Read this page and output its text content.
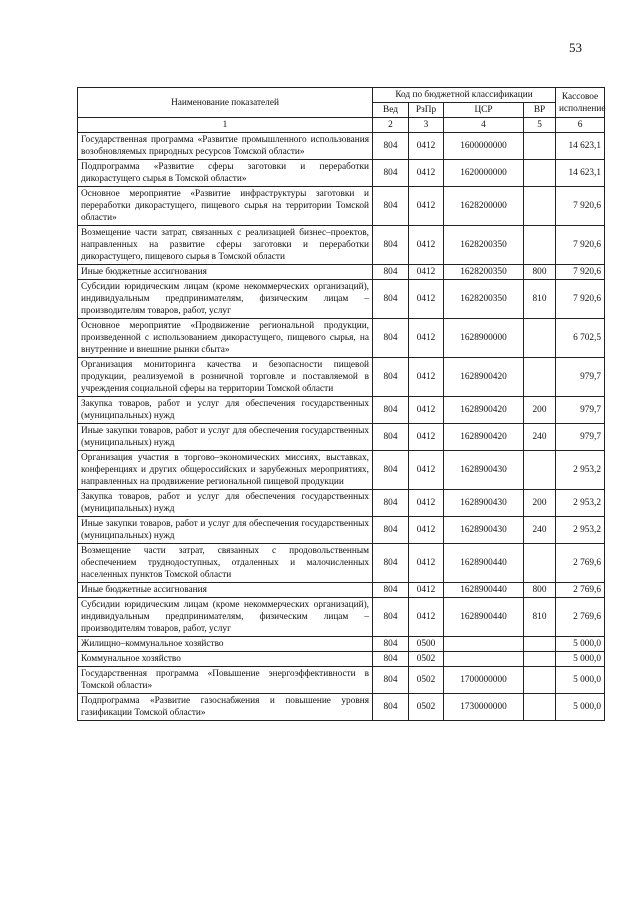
53
Наименование показателей	Код по бюджетной классификации				Кассовое исполнение
	Вед	РзПр	ЦСР	ВР	
1	2	3	4	5	6
Государственная программа «Развитие промышленного использования возобновляемых природных ресурсов Томской области»	804	0412	1600000000		14 623,1
Подпрограмма «Развитие сферы заготовки и переработки дикорастущего сырья в Томской области»	804	0412	1620000000		14 623,1
Основное мероприятие «Развитие инфраструктуры заготовки и переработки дикорастущего, пищевого сырья на территории Томской области»	804	0412	1628200000		7 920,6
Возмещение части затрат, связанных с реализацией бизнес–проектов, направленных на развитие сферы заготовки и переработки дикорастущего, пищевого сырья в Томской области	804	0412	1628200350		7 920,6
Иные бюджетные ассигнования	804	0412	1628200350	800	7 920,6
Субсидии юридическим лицам (кроме некоммерческих организаций), индивидуальным предпринимателям, физическим лицам – производителям товаров, работ, услуг	804	0412	1628200350	810	7 920,6
Основное мероприятие «Продвижение региональной продукции, произведенной с использованием дикорастущего, пищевого сырья, на внутренние и внешние рынки сбыта»	804	0412	1628900000		6 702,5
Организация мониторинга качества и безопасности пищевой продукции, реализуемой в розничной торговле и поставляемой в учреждения социальной сферы на территории Томской области	804	0412	1628900420		979,7
Закупка товаров, работ и услуг для обеспечения государственных (муниципальных) нужд	804	0412	1628900420	200	979,7
Иные закупки товаров, работ и услуг для обеспечения государственных (муниципальных) нужд	804	0412	1628900420	240	979,7
Организация участия в торгово–экономических миссиях, выставках, конференциях и других общероссийских и зарубежных мероприятиях, направленных на продвижение региональной пищевой продукции	804	0412	1628900430		2 953,2
Закупка товаров, работ и услуг для обеспечения государственных (муниципальных) нужд	804	0412	1628900430	200	2 953,2
Иные закупки товаров, работ и услуг для обеспечения государственных (муниципальных) нужд	804	0412	1628900430	240	2 953,2
Возмещение части затрат, связанных с продовольственным обеспечением труднодоступных, отдаленных и малочисленных населенных пунктов Томской области	804	0412	1628900440		2 769,6
Иные бюджетные ассигнования	804	0412	1628900440	800	2 769,6
Субсидии юридическим лицам (кроме некоммерческих организаций), индивидуальным предпринимателям, физическим лицам – производителям товаров, работ, услуг	804	0412	1628900440	810	2 769,6
Жилищно–коммунальное хозяйство	804	0500			5 000,0
Коммунальное хозяйство	804	0502			5 000,0
Государственная программа «Повышение энергоэффективности в Томской области»	804	0502	1700000000		5 000,0
Подпрограмма «Развитие газоснабжения и повышение уровня газификации Томской области»	804	0502	1730000000		5 000,0
